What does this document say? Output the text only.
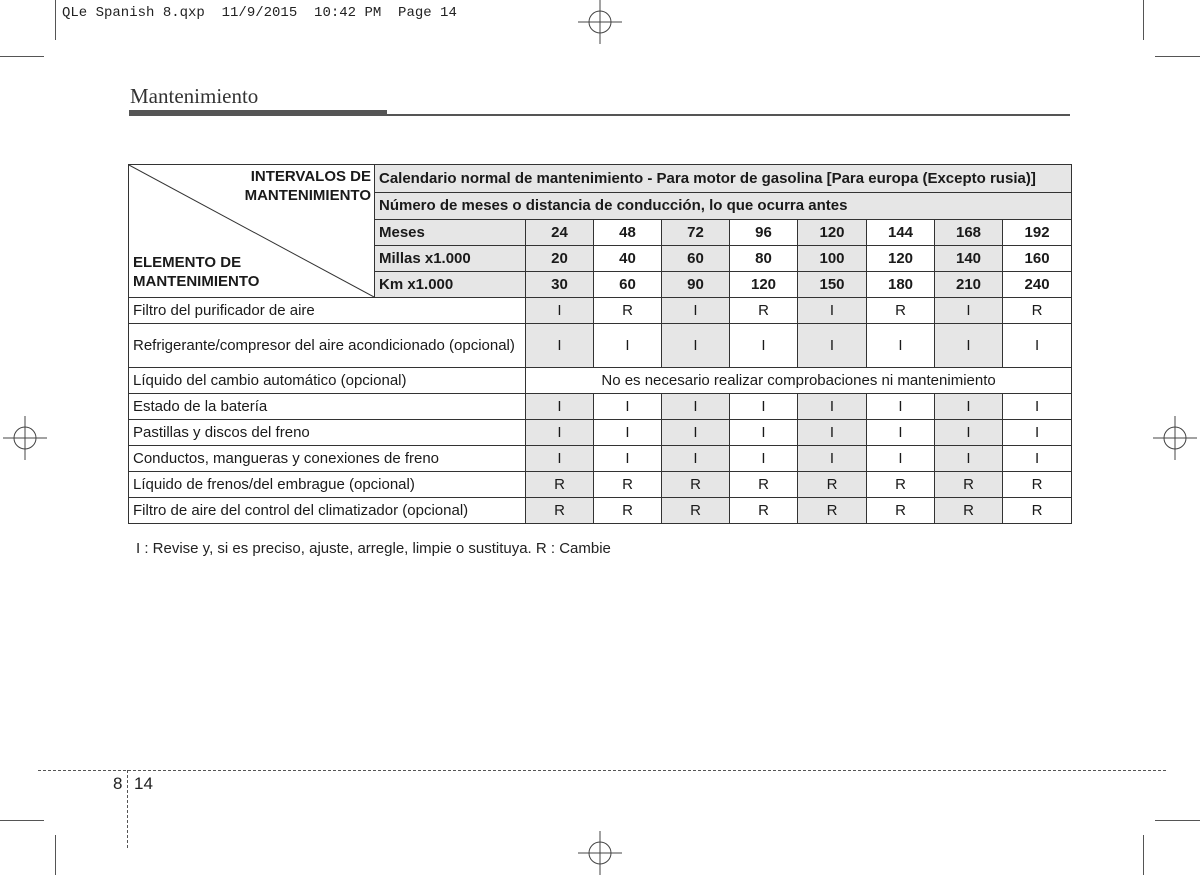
QLe Spanish 8.qxp  11/9/2015  10:42 PM  Page 14
Mantenimiento
INTERVALOS DE
MANTENIMIENTO
ELEMENTO DE
MANTENIMIENTO	Calendario normal de mantenimiento - Para motor de gasolina [Para europa (Excepto rusia)]								
	Número de meses o distancia de conducción, lo que ocurra antes								
	Meses	24	48	72	96	120	144	168	192
	Millas x1.000	20	40	60	80	100	120	140	160
	Km x1.000	30	60	90	120	150	180	210	240
Filtro del purificador de aire		I	R	I	R	I	R	I	R
Refrigerante/compresor del aire acondicionado (opcional)		I	I	I	I	I	I	I	I
Líquido del cambio automático (opcional)		No es necesario realizar comprobaciones ni mantenimiento							
Estado de la batería		I	I	I	I	I	I	I	I
Pastillas y discos del freno		I	I	I	I	I	I	I	I
Conductos, mangueras y conexiones de freno		I	I	I	I	I	I	I	I
Líquido de frenos/del embrague (opcional)		R	R	R	R	R	R	R	R
Filtro de aire del control del climatizador (opcional)		R	R	R	R	R	R	R	R
I : Revise y, si es preciso, ajuste, arregle, limpie o sustituya. R : Cambie
8 14
